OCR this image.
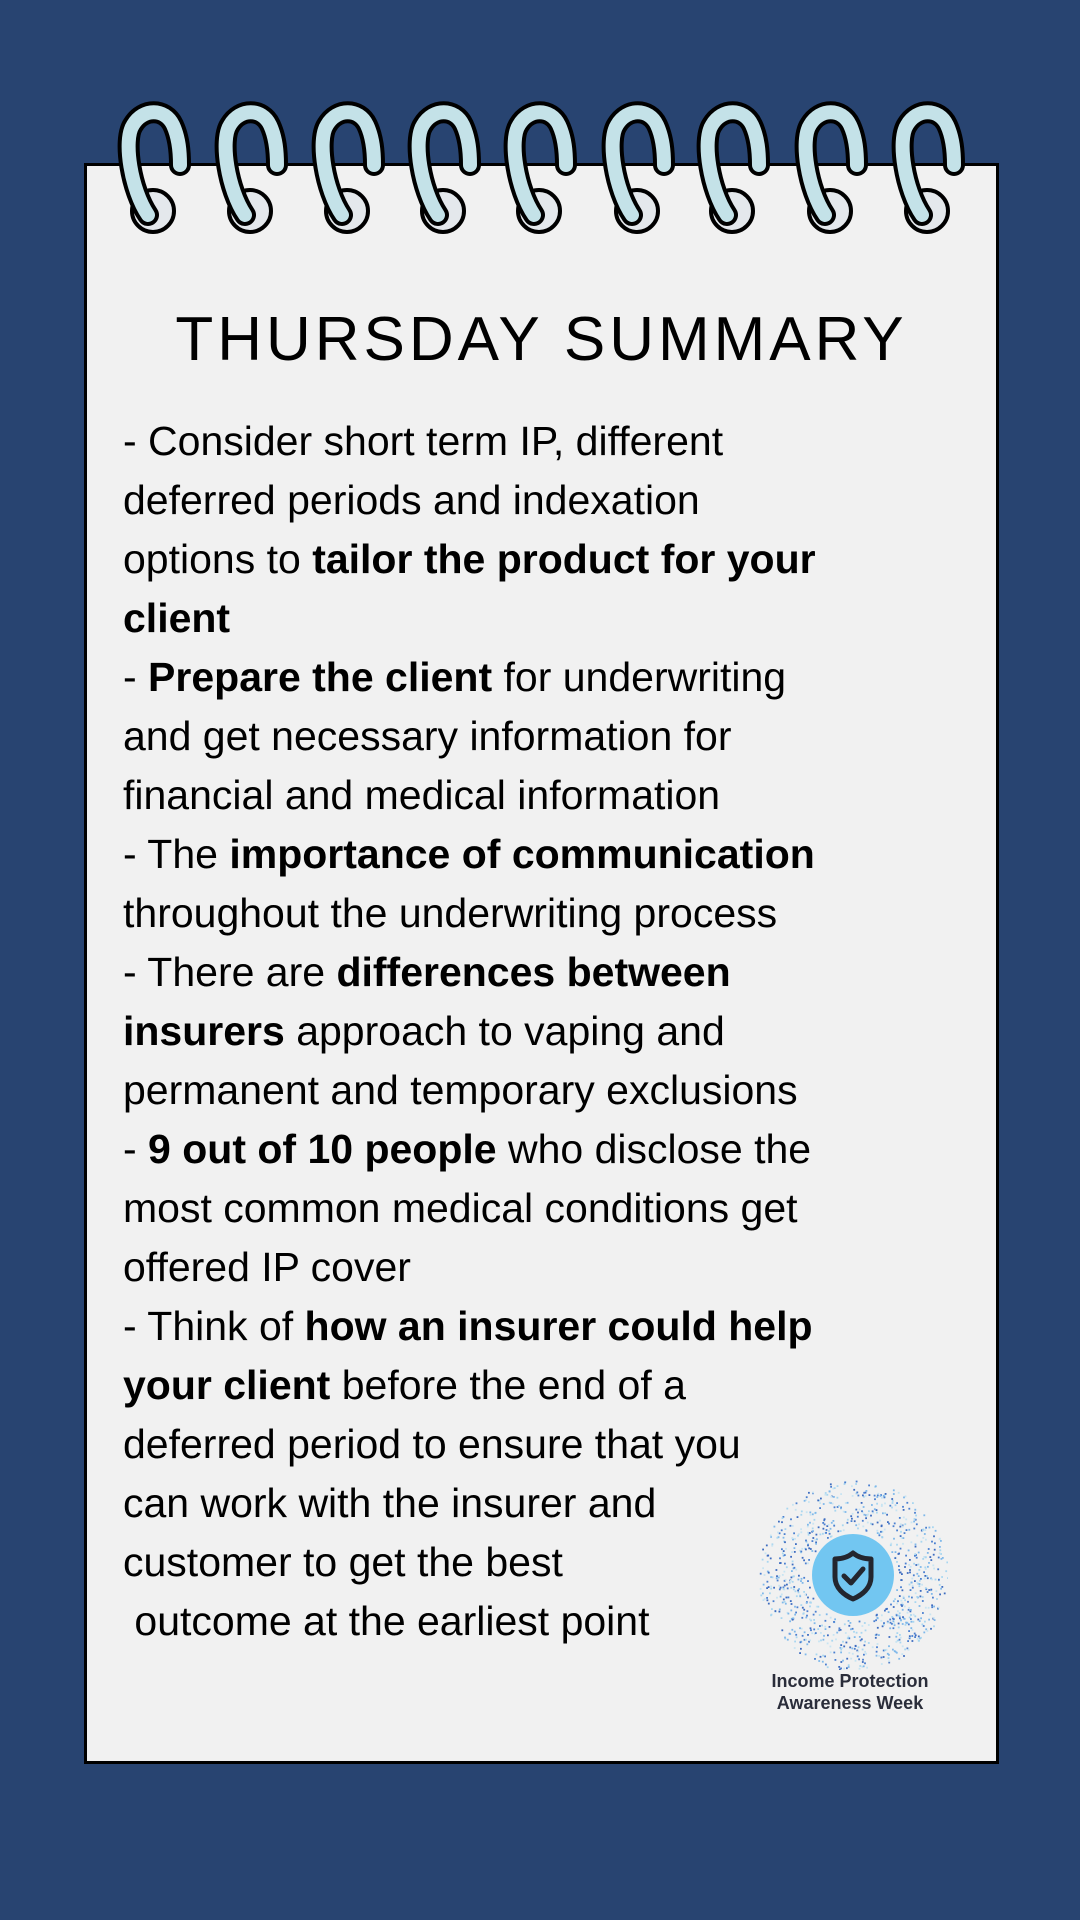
THURSDAY SUMMARY
- Consider short term IP, different
deferred periods and indexation
options to tailor the product for your
client
- Prepare the client for underwriting
and get necessary information for
financial and medical information
- The importance of communication
throughout the underwriting process
- There are differences between
insurers approach to vaping and
permanent and temporary exclusions
- 9 out of 10 people who disclose the
most common medical conditions get
offered IP cover
- Think of how an insurer could help
your client before the end of a
deferred period to ensure that you
can work with the insurer and
customer to get the best
outcome at the earliest point
Income Protection
Awareness Week
